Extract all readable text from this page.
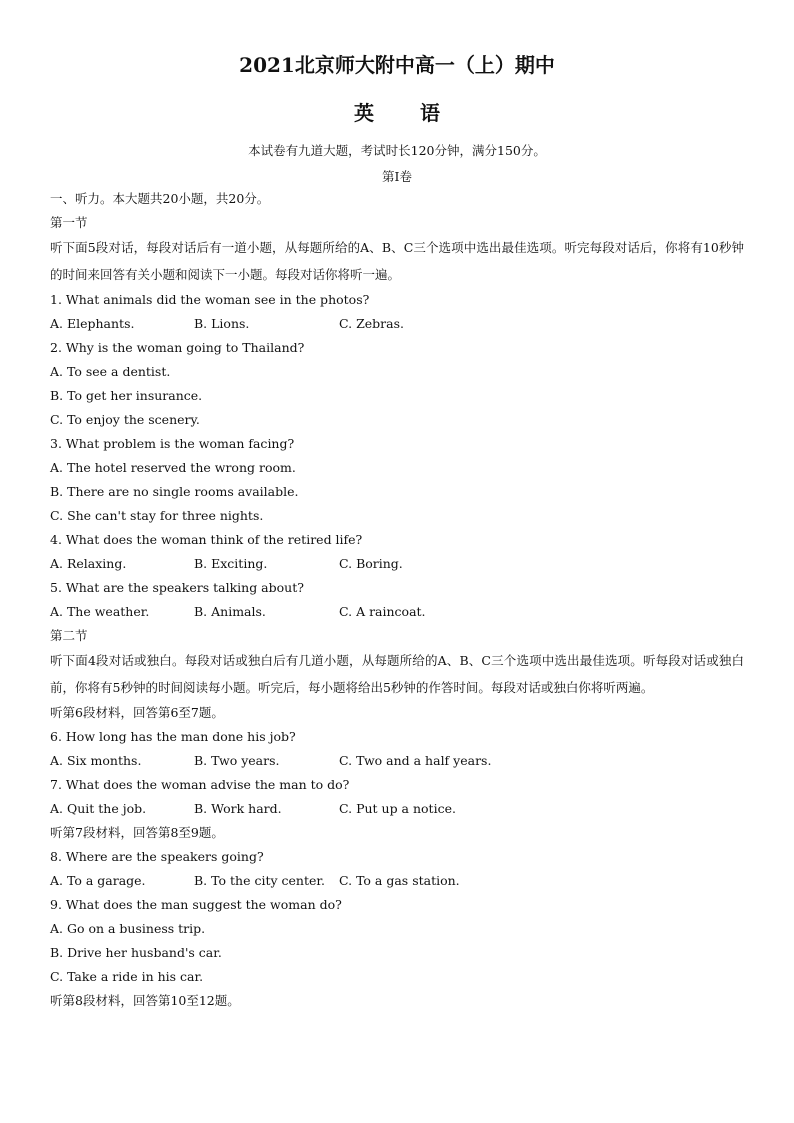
2021北京师大附中高一（上）期中
英 语
本试卷有九道大题，考试时长120分钟，满分150分。
第I卷
一、听力。本大题共20小题，共20分。
第一节
听下面5段对话，每段对话后有一道小题，从每题所给的A、B、C三个选项中选出最佳选项。听完每段对话后，你将有10秒钟的时间来回答有关小题和阅读下一小题。每段对话你将听一遍。
1. What animals did the woman see in the photos?
A. Elephants.	B. Lions.	C. Zebras.
2. Why is the woman going to Thailand?
A. To see a dentist.
B. To get her insurance.
C. To enjoy the scenery.
3. What problem is the woman facing?
A. The hotel reserved the wrong room.
B. There are no single rooms available.
C. She can't stay for three nights.
4. What does the woman think of the retired life?
A. Relaxing.	B. Exciting.	C. Boring.
5. What are the speakers talking about?
A. The weather.	B. Animals.	C. A raincoat.
第二节
听下面4段对话或独白。每段对话或独白后有几道小题，从每题所给的A、B、C三个选项中选出最佳选项。听每段对话或独白前，你将有5秒钟的时间阅读每小题。听完后，每小题将给出5秒钟的作答时间。每段对话或独白你将听两遍。
听第6段材料，回答第6至7题。
6. How long has the man done his job?
A. Six months.	B. Two years.	C. Two and a half years.
7. What does the woman advise the man to do?
A. Quit the job.	B. Work hard.	C. Put up a notice.
听第7段材料，回答第8至9题。
8. Where are the speakers going?
A. To a garage.	B. To the city center.	C. To a gas station.
9. What does the man suggest the woman do?
A. Go on a business trip.
B. Drive her husband's car.
C. Take a ride in his car.
听第8段材料，回答第10至12题。
